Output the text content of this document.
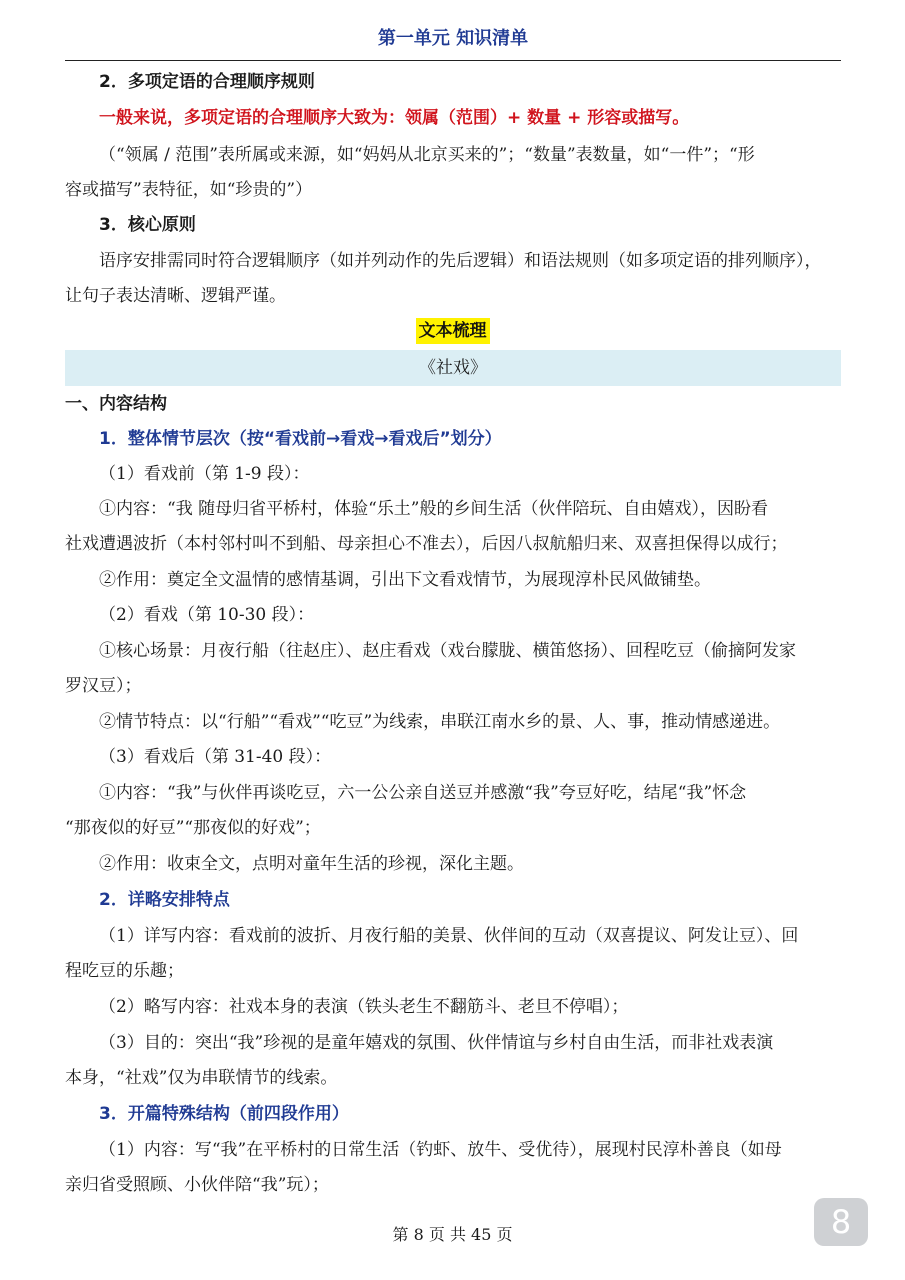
第一单元 知识清单
2．多项定语的合理顺序规则
一般来说，多项定语的合理顺序大致为：领属（范围）+ 数量 + 形容或描写。
（“领属 / 范围”表所属或来源，如“妈妈从北京买来的”；“数量”表数量，如“一件”；“形
容或描写”表特征，如“珍贵的”）
3．核心原则
语序安排需同时符合逻辑顺序（如并列动作的先后逻辑）和语法规则（如多项定语的排列顺序），
让句子表达清晰、逻辑严谨。
文本梳理
《社戏》
一、内容结构
1．整体情节层次（按“看戏前→看戏→看戏后”划分）
（1）看戏前（第 1-9 段）：
①内容：“我 随母归省平桥村，体验“乐土”般的乡间生活（伙伴陪玩、自由嬉戏），因盼看
社戏遭遇波折（本村邻村叫不到船、母亲担心不准去），后因八叔航船归来、双喜担保得以成行；
②作用：奠定全文温情的感情基调，引出下文看戏情节，为展现淳朴民风做铺垫。
（2）看戏（第 10-30 段）：
①核心场景：月夜行船（往赵庄）、赵庄看戏（戏台朦胧、横笛悠扬）、回程吃豆（偷摘阿发家
罗汉豆）；
②情节特点：以“行船”“看戏”“吃豆”为线索，串联江南水乡的景、人、事，推动情感递进。
（3）看戏后（第 31-40 段）：
①内容：“我”与伙伴再谈吃豆，六一公公亲自送豆并感激“我”夸豆好吃，结尾“我”怀念
“那夜似的好豆”“那夜似的好戏”；
②作用：收束全文，点明对童年生活的珍视，深化主题。
2．详略安排特点
（1）详写内容：看戏前的波折、月夜行船的美景、伙伴间的互动（双喜提议、阿发让豆）、回
程吃豆的乐趣；
（2）略写内容：社戏本身的表演（铁头老生不翻筋斗、老旦不停唱）；
（3）目的：突出“我”珍视的是童年嬉戏的氛围、伙伴情谊与乡村自由生活，而非社戏表演
本身，“社戏”仅为串联情节的线索。
3．开篇特殊结构（前四段作用）
（1）内容：写“我”在平桥村的日常生活（钓虾、放牛、受优待），展现村民淳朴善良（如母
亲归省受照顾、小伙伴陪“我”玩）；
第 8 页 共 45 页	8
